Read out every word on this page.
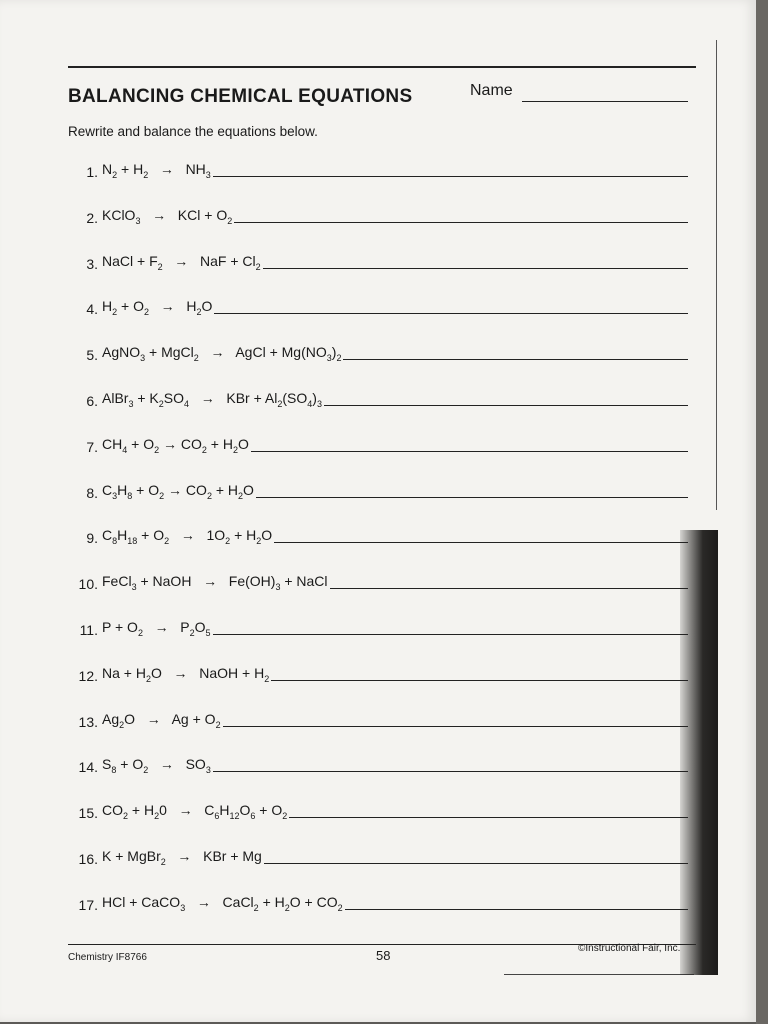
BALANCING CHEMICAL EQUATIONS	Name

Rewrite and balance the equations below.

1. $N_2 + H_2 \to NH_3$
2. KClO$_3$   →   KCl + $O_2$
3. NaCl + $F_2$   →   NaF + $Cl_2$
4. $H_2 + O_2 \to H_2O$
5. AgNO$_3$ + MgCl$_2$   →   AgCl + $Mg(NO_3)_2$
6. AlBr$_3$ + $K_2SO_4$   →   KBr + $Al_2(SO_4)_3$
7. $CH_4 + O_2 \to CO_2 + H_2O$
8. $C_3H_8 + O_2 \to CO_2 + H_2O$
9. $C_8H_{18} + O_2 \to 1O_2 + H_2O$
10. FeCl$_3$ + NaOH   →   $Fe(OH)_3$ + NaCl
11. $P + O_2 \to P_2O_5$
12. $Na + H_2O$   →   NaOH + $H_2$
13. $Ag_2O \to Ag + O_2$
14. $S_8 + O_2 \to SO_3$
15. $CO_2 + H_20 \to C_6H_{12}O_6 + O_2$
16. K + MgBr$_2$   →   KBr + Mg
17. HCl + CaCO$_3$   →   CaCl$_2$ + $H_2O + CO_2$
Chemistry IF8766	58	©Instructional Fair, Inc.
